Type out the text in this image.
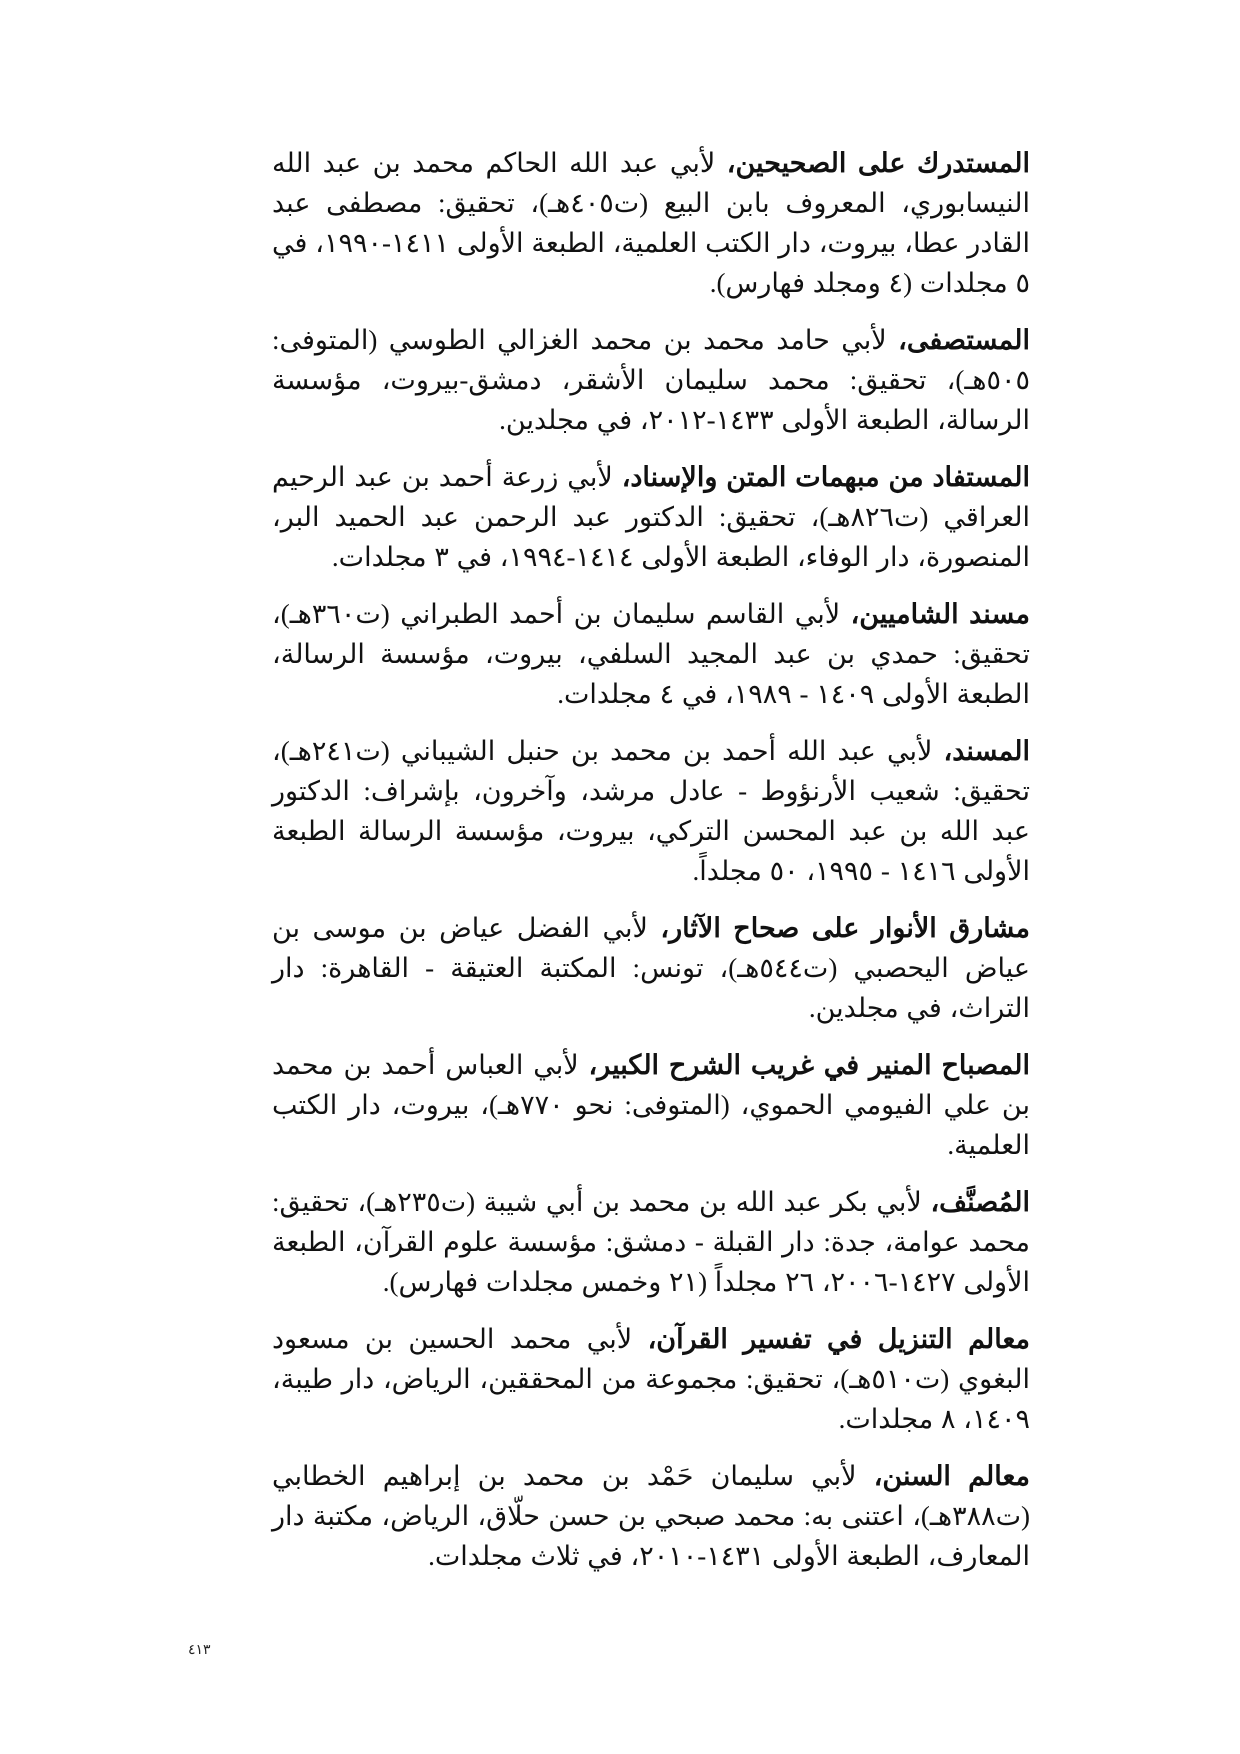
المستدرك على الصحيحين، لأبي عبد الله الحاكم محمد بن عبد الله النيسابوري، المعروف بابن البيع (ت٤٠٥هـ)، تحقيق: مصطفى عبد القادر عطا، بيروت، دار الكتب العلمية، الطبعة الأولى ١٤١١-١٩٩٠، في ٥ مجلدات (٤ ومجلد فهارس).

المستصفى، لأبي حامد محمد بن محمد الغزالي الطوسي (المتوفى: ٥٠٥هـ)، تحقيق: محمد سليمان الأشقر، دمشق-بيروت، مؤسسة الرسالة، الطبعة الأولى ١٤٣٣-٢٠١٢، في مجلدين.

المستفاد من مبهمات المتن والإسناد، لأبي زرعة أحمد بن عبد الرحيم العراقي (ت٨٢٦هـ)، تحقيق: الدكتور عبد الرحمن عبد الحميد البر، المنصورة، دار الوفاء، الطبعة الأولى ١٤١٤-١٩٩٤، في ٣ مجلدات.

مسند الشاميين، لأبي القاسم سليمان بن أحمد الطبراني (ت٣٦٠هـ)، تحقيق: حمدي بن عبد المجيد السلفي، بيروت، مؤسسة الرسالة، الطبعة الأولى ١٤٠٩ - ١٩٨٩، في ٤ مجلدات.

المسند، لأبي عبد الله أحمد بن محمد بن حنبل الشيباني (ت٢٤١هـ)، تحقيق: شعيب الأرنؤوط - عادل مرشد، وآخرون، بإشراف: الدكتور عبد الله بن عبد المحسن التركي، بيروت، مؤسسة الرسالة الطبعة الأولى ١٤١٦ - ١٩٩٥، ٥٠ مجلداً.

مشارق الأنوار على صحاح الآثار، لأبي الفضل عياض بن موسى بن عياض اليحصبي (ت٥٤٤هـ)، تونس: المكتبة العتيقة - القاهرة: دار التراث، في مجلدين.

المصباح المنير في غريب الشرح الكبير، لأبي العباس أحمد بن محمد بن علي الفيومي الحموي، (المتوفى: نحو ٧٧٠هـ)، بيروت، دار الكتب العلمية.

المُصنَّف، لأبي بكر عبد الله بن محمد بن أبي شيبة (ت٢٣٥هـ)، تحقيق: محمد عوامة، جدة: دار القبلة - دمشق: مؤسسة علوم القرآن، الطبعة الأولى ١٤٢٧-٢٠٠٦، ٢٦ مجلداً (٢١ وخمس مجلدات فهارس).

معالم التنزيل في تفسير القرآن، لأبي محمد الحسين بن مسعود البغوي (ت٥١٠هـ)، تحقيق: مجموعة من المحققين، الرياض، دار طيبة، ١٤٠٩، ٨ مجلدات.

معالم السنن، لأبي سليمان حَمْد بن محمد بن إبراهيم الخطابي (ت٣٨٨هـ)، اعتنى به: محمد صبحي بن حسن حلّاق، الرياض، مكتبة دار المعارف، الطبعة الأولى ١٤٣١-٢٠١٠، في ثلاث مجلدات.

٤١٣
